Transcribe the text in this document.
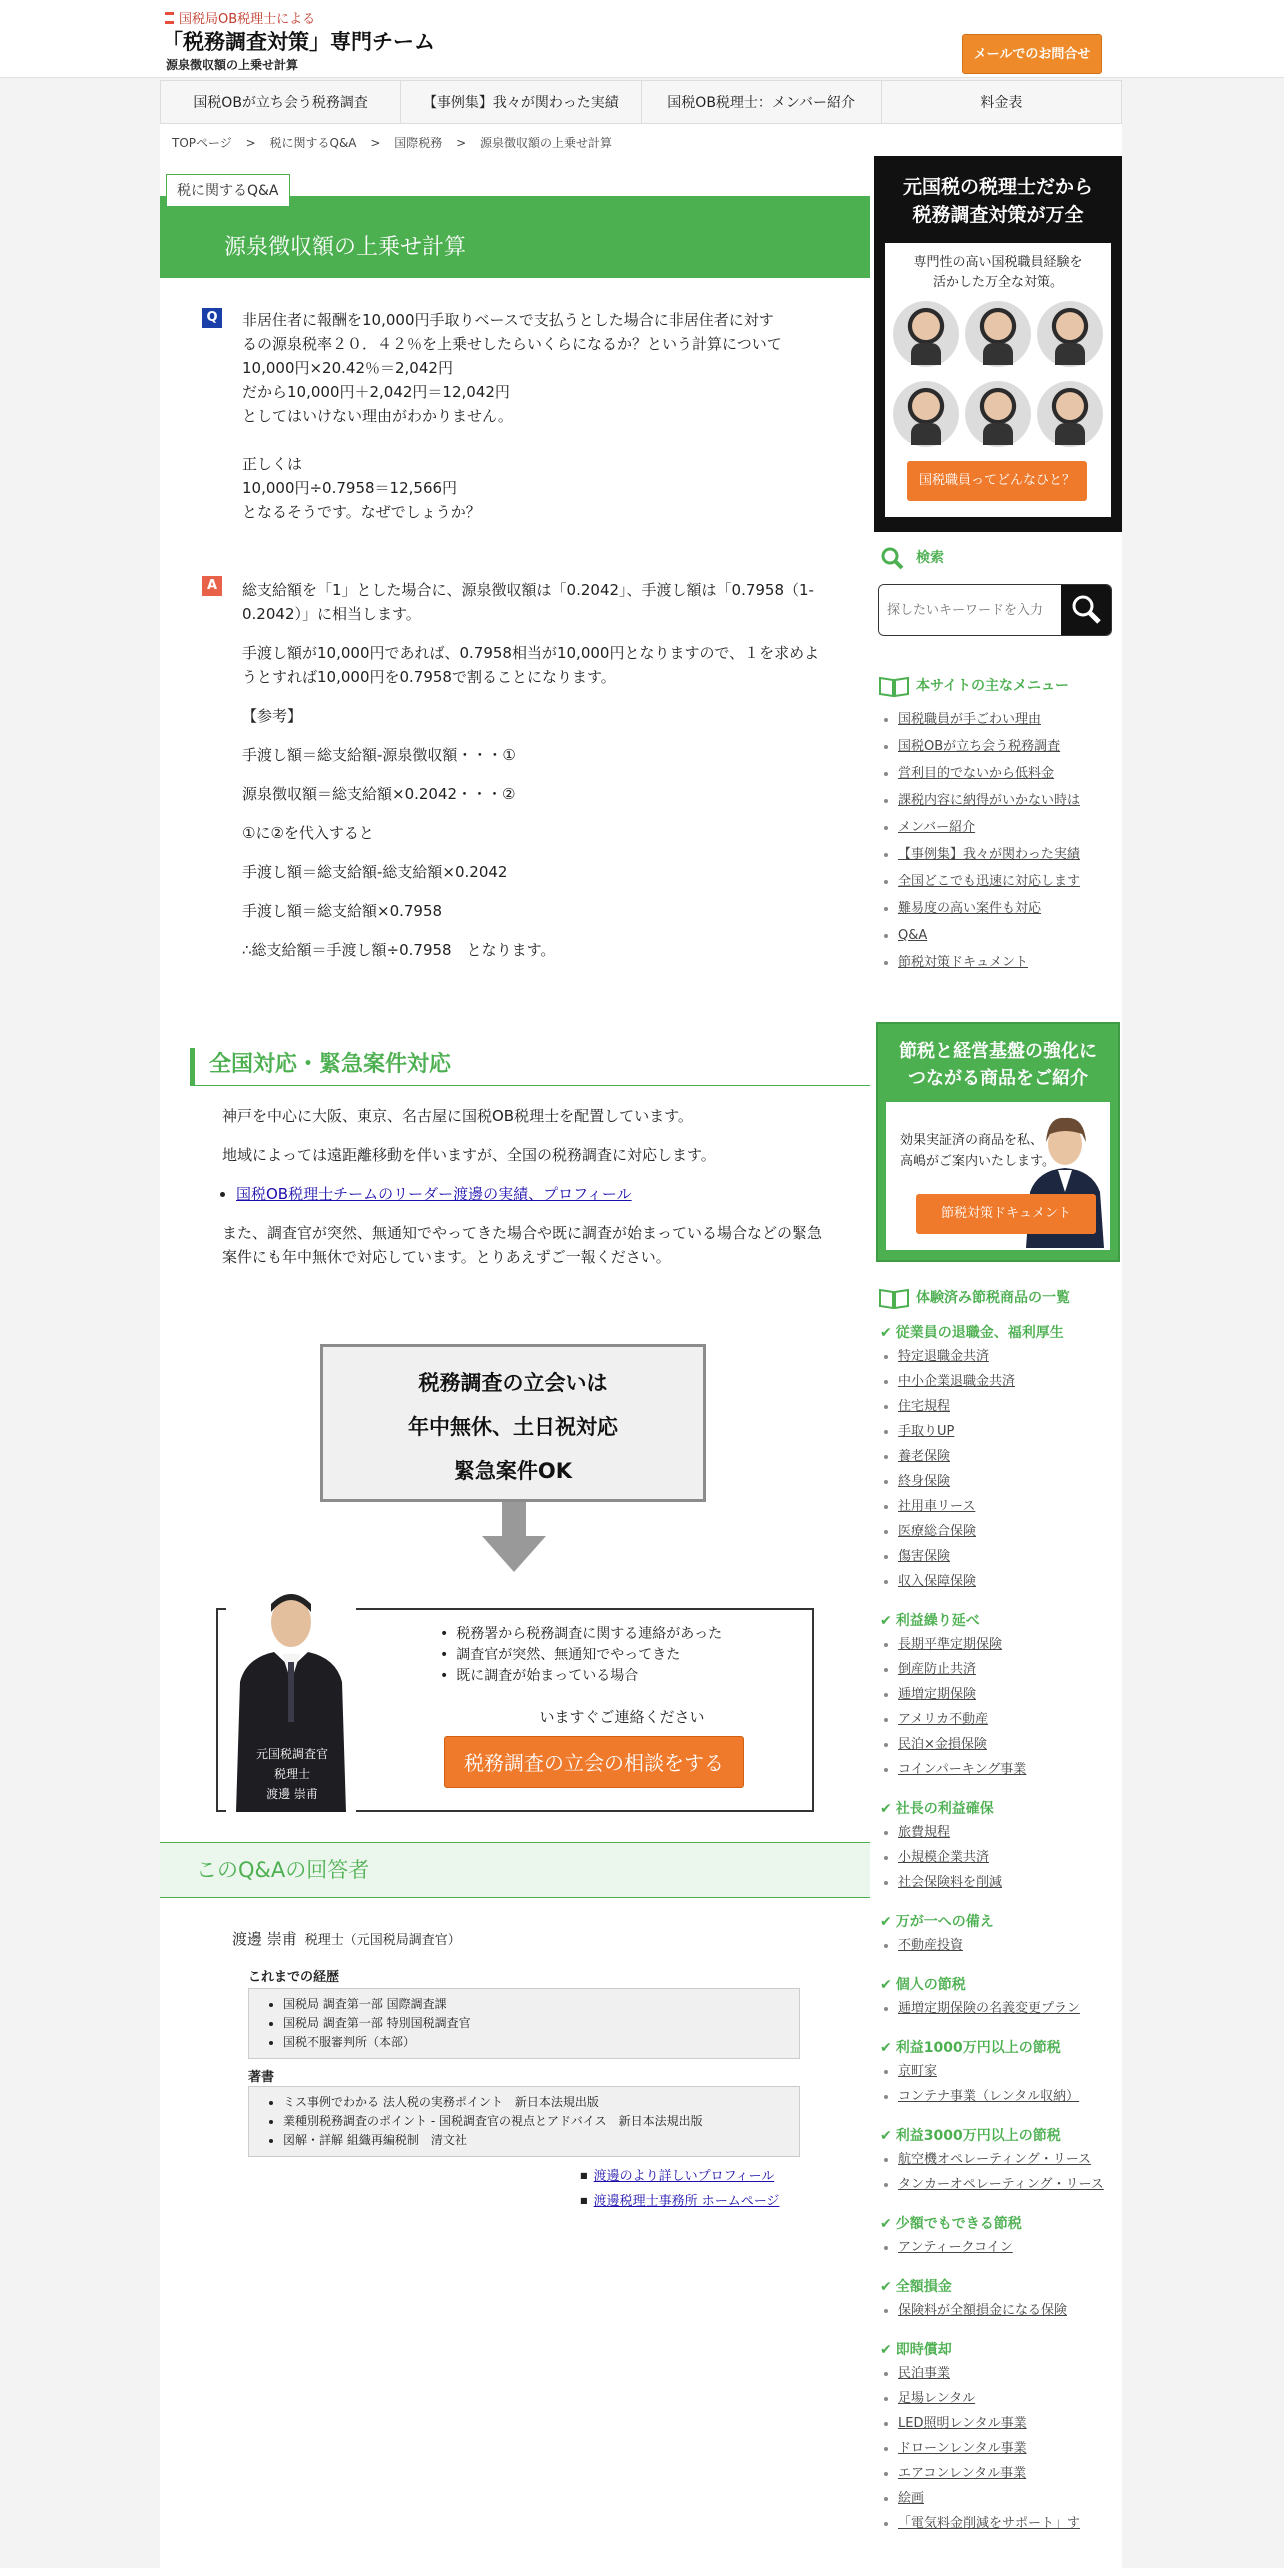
国税局OB税理士による
「税務調査対策」専門チーム
源泉徴収額の上乗せ計算
メールでのお問合せ
国税OBが立ち会う税務調査	【事例集】我々が関わった実績	国税OB税理士：メンバー紹介	料金表
TOPページ > 税に関するQ&A > 国際税務 > 源泉徴収額の上乗せ計算
源泉徴収額の上乗せ計算
税に関するQ&A
Q 非居住者に報酬を10,000円手取りベースで支払うとした場合に非居住者に対す

るの源泉税率２０．４２％を上乗せしたらいくらになるか？という計算について

10,000円×20.42％＝2,042円

だから10,000円＋2,042円＝12,042円

としてはいけない理由がわかりません。

正しくは

10,000円÷0.7958＝12,566円

となるそうです。なぜでしょうか？

A	総支給額を「1」とした場合に、源泉徴収額は「0.2042」、手渡し額は「0.7958（1-0.2042）」に相当します。

手渡し額が10,000円であれば、0.7958相当が10,000円となりますので、１を求めようとすれば10,000円を0.7958で割ることになります。

【参考】

手渡し額＝総支給額-源泉徴収額・・・①

源泉徴収額＝総支給額×0.2042・・・②

①に②を代入すると

手渡し額＝総支給額-総支給額×0.2042

手渡し額＝総支給額×0.7958

∴総支給額＝手渡し額÷0.7958　となります。

全国対応・緊急案件対応

神戸を中心に大阪、東京、名古屋に国税OB税理士を配置しています。

地域によっては遠距離移動を伴いますが、全国の税務調査に対応します。

• 国税OB税理士チームのリーダー渡邊の実績、プロフィール

また、調査官が突然、無通知でやってきた場合や既に調査が始まっている場合などの緊急案件にも年中無休で対応しています。とりあえずご一報ください。

税務調査の立会いは
年中無休、土日祝対応
緊急案件OK
元国税調査官
税理士
渡邊 崇甫
• 税務署から税務調査に関する連絡があった
• 調査官が突然、無通知でやってきた
• 既に調査が始まっている場合
いますぐご連絡ください
税務調査の立会の相談をする
このQ&Aの回答者
渡邊 崇甫 税理士（元国税局調査官）
これまでの経歴
• 国税局 調査第一部 国際調査課
• 国税局 調査第一部 特別国税調査官
• 国税不服審判所（本部）
著書
• ミス事例でわかる 法人税の実務ポイント　新日本法規出版
• 業種別税務調査のポイント - 国税調査官の視点とアドバイス　新日本法規出版
• 図解・詳解 組織再編税制　清文社
■ 渡邊のより詳しいプロフィール
■ 渡邊税理士事務所 ホームページ
元国税の税理士だから
税務調査対策が万全
専門性の高い国税職員経験を
活かした万全な対策。
国税職員ってどんなひと？
検索
探したいキーワードを入力
本サイトの主なメニュー
• 国税職員が手ごわい理由
• 国税OBが立ち会う税務調査
• 営利目的でないから低料金
• 課税内容に納得がいかない時は
• メンバー紹介
• 【事例集】我々が関わった実績
• 全国どこでも迅速に対応します
• 難易度の高い案件も対応
• Q&A
• 節税対策ドキュメント
節税と経営基盤の強化に
つながる商品をご紹介
効果実証済の商品を私、
高嶋がご案内いたします。
節税対策ドキュメント
体験済み節税商品の一覧
✔ 従業員の退職金、福利厚生
• 特定退職金共済
• 中小企業退職金共済
• 住宅規程
• 手取りUP
• 養老保険
• 終身保険
• 社用車リース
• 医療総合保険
• 傷害保険
• 収入保障保険
✔ 利益繰り延べ
• 長期平準定期保険
• 倒産防止共済
• 逓増定期保険
• アメリカ不動産
• 民泊×金損保険
• コインパーキング事業
✔ 社長の利益確保
• 旅費規程
• 小規模企業共済
• 社会保険料を削減
✔ 万が一への備え
• 不動産投資
✔ 個人の節税
• 逓増定期保険の名義変更プラン
✔ 利益1000万円以上の節税
• 京町家
• コンテナ事業（レンタル収納）
✔ 利益3000万円以上の節税
• 航空機オペレーティング・リース
• タンカーオペレーティング・リース
✔ 少額でもできる節税
• アンティークコイン
✔ 全額損金
• 保険料が全額損金になる保険
✔ 即時償却
• 民泊事業
• 足場レンタル
• LED照明レンタル事業
• ドローンレンタル事業
• エアコンレンタル事業
• 絵画
• 「電気料金削減をサポート」す
